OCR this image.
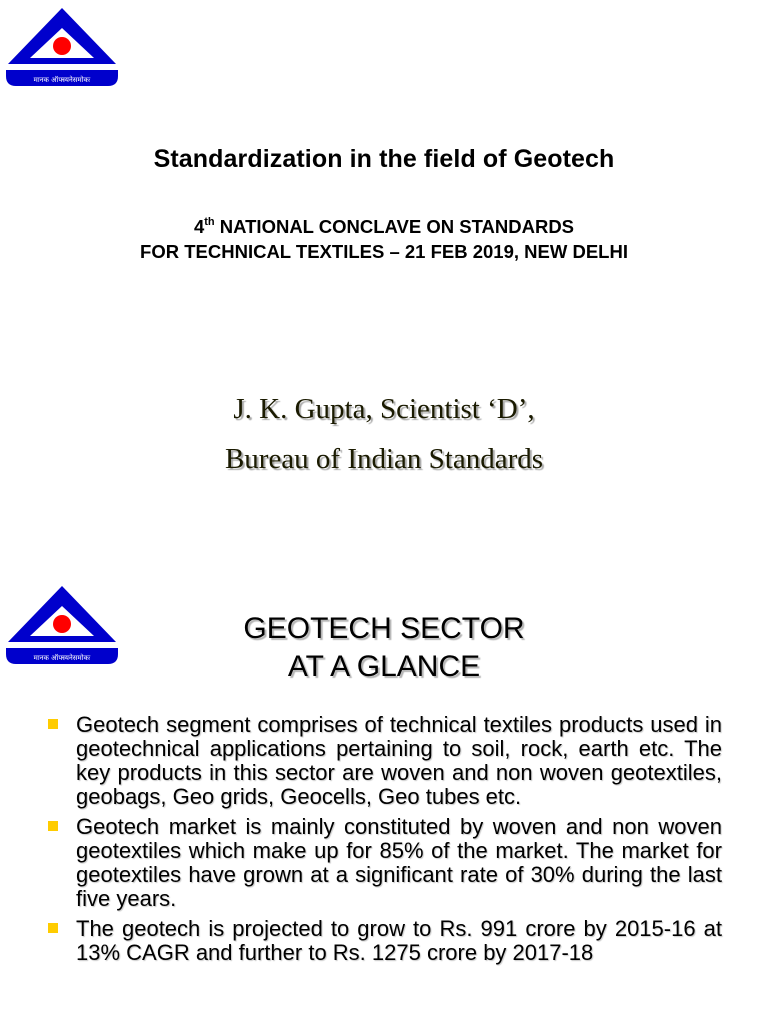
मानक ऑफ्स्यनेसमोकः
Standardization in the field of Geotech
4th NATIONAL CONCLAVE ON STANDARDS
FOR TECHNICAL TEXTILES – 21 FEB 2019, NEW DELHI
J. K. Gupta, Scientist ‘D’,
Bureau of Indian Standards
मानक ऑफ्स्यनेसमोकः
GEOTECH SECTOR
AT A GLANCE
Geotech segment comprises of technical textiles products used in geotechnical applications pertaining to soil, rock, earth etc. The key products in this sector are woven and non woven geotextiles, geobags, Geo grids, Geocells, Geo tubes etc.
Geotech market is mainly constituted by woven and non woven geotextiles which make up for 85% of the market. The market for geotextiles have grown at a significant rate of 30% during the last five years.
The geotech is projected to grow to Rs. 991 crore by 2015-16 at 13% CAGR and further to Rs. 1275 crore by 2017-18
